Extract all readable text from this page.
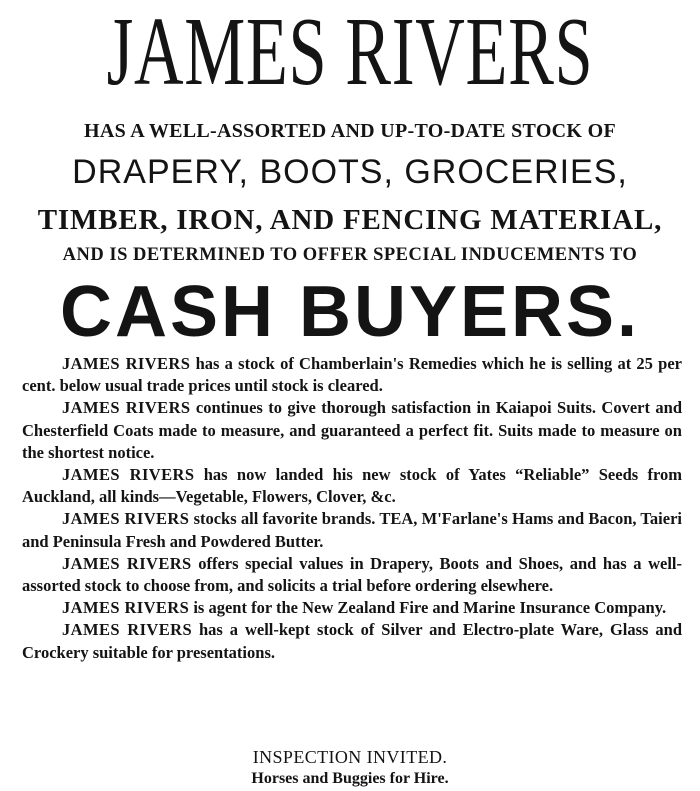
JAMES RIVERS
HAS A WELL-ASSORTED AND UP-TO-DATE STOCK OF
DRAPERY, BOOTS, GROCERIES,
TIMBER, IRON, AND FENCING MATERIAL,
AND IS DETERMINED TO OFFER SPECIAL INDUCEMENTS TO
CASH BUYERS.

JAMES RIVERS has a stock of Chamberlain's Remedies which he is selling at 25 per cent. below usual trade prices until stock is cleared.

JAMES RIVERS continues to give thorough satisfaction in Kaiapoi Suits. Covert and Chesterfield Coats made to measure, and guaranteed a perfect fit. Suits made to measure on the shortest notice.

JAMES RIVERS has now landed his new stock of Yates “Reliable” Seeds from Auckland, all kinds—Vegetable, Flowers, Clover, &c.

JAMES RIVERS stocks all favorite brands. TEA, M'Farlane's Hams and Bacon, Taieri and Peninsula Fresh and Powdered Butter.

JAMES RIVERS offers special values in Drapery, Boots and Shoes, and has a well-assorted stock to choose from, and solicits a trial before ordering elsewhere.

JAMES RIVERS is agent for the New Zealand Fire and Marine Insurance Company.

JAMES RIVERS has a well-kept stock of Silver and Electro-plate Ware, Glass and Crockery suitable for presentations.

INSPECTION INVITED.
Horses and Buggies for Hire.
